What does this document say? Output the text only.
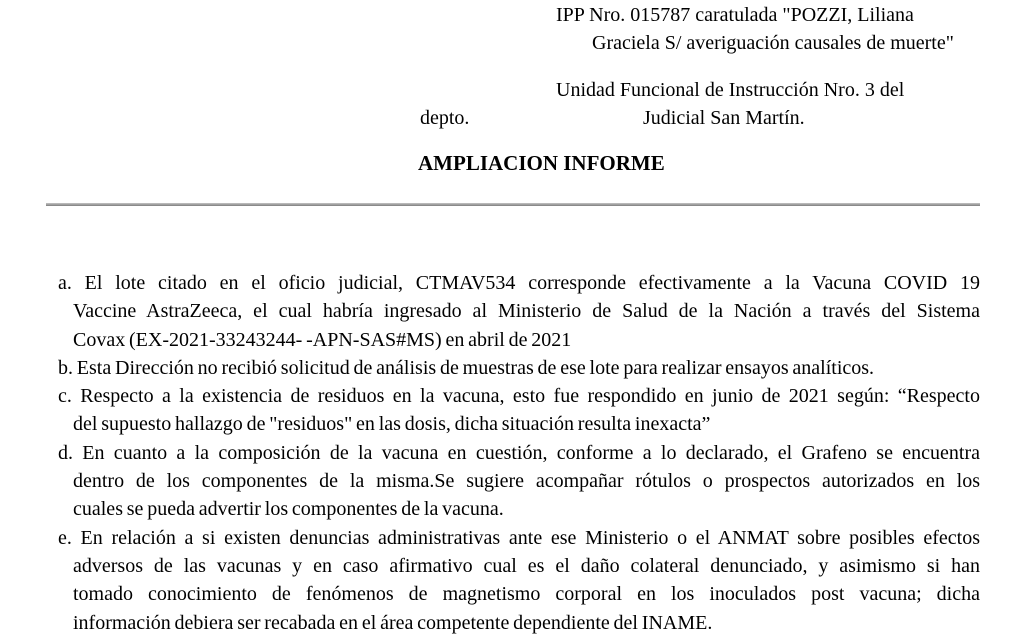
IPP Nro. 015787 caratulada "POZZI, Liliana
Graciela S/ averiguación causales de muerte"
Unidad Funcional de Instrucción Nro. 3 del
depto.	Judicial San Martín.
AMPLIACION INFORME
a. El lote citado en el oficio judicial, CTMAV534 corresponde efectivamente a la Vacuna COVID 19
Vaccine AstraZeeca, el cual habría ingresado al Ministerio de Salud de la Nación a través del Sistema
Covax (EX-2021-33243244- -APN-SAS#MS) en abril de 2021
b. Esta Dirección no recibió solicitud de análisis de muestras de ese lote para realizar ensayos analíticos.
c. Respecto a la existencia de residuos en la vacuna, esto fue respondido en junio de 2021 según: “Respecto
del supuesto hallazgo de "residuos" en las dosis, dicha situación resulta inexacta”
d. En cuanto a la composición de la vacuna en cuestión, conforme a lo declarado, el Grafeno se encuentra
dentro de los componentes de la misma.Se sugiere acompañar rótulos o prospectos autorizados en los
cuales se pueda advertir los componentes de la vacuna.
e. En relación a si existen denuncias administrativas ante ese Ministerio o el ANMAT sobre posibles efectos
adversos de las vacunas y en caso afirmativo cual es el daño colateral denunciado, y asimismo si han
tomado conocimiento de fenómenos de magnetismo corporal en los inoculados post vacuna; dicha
información debiera ser recabada en el área competente dependiente del INAME.
